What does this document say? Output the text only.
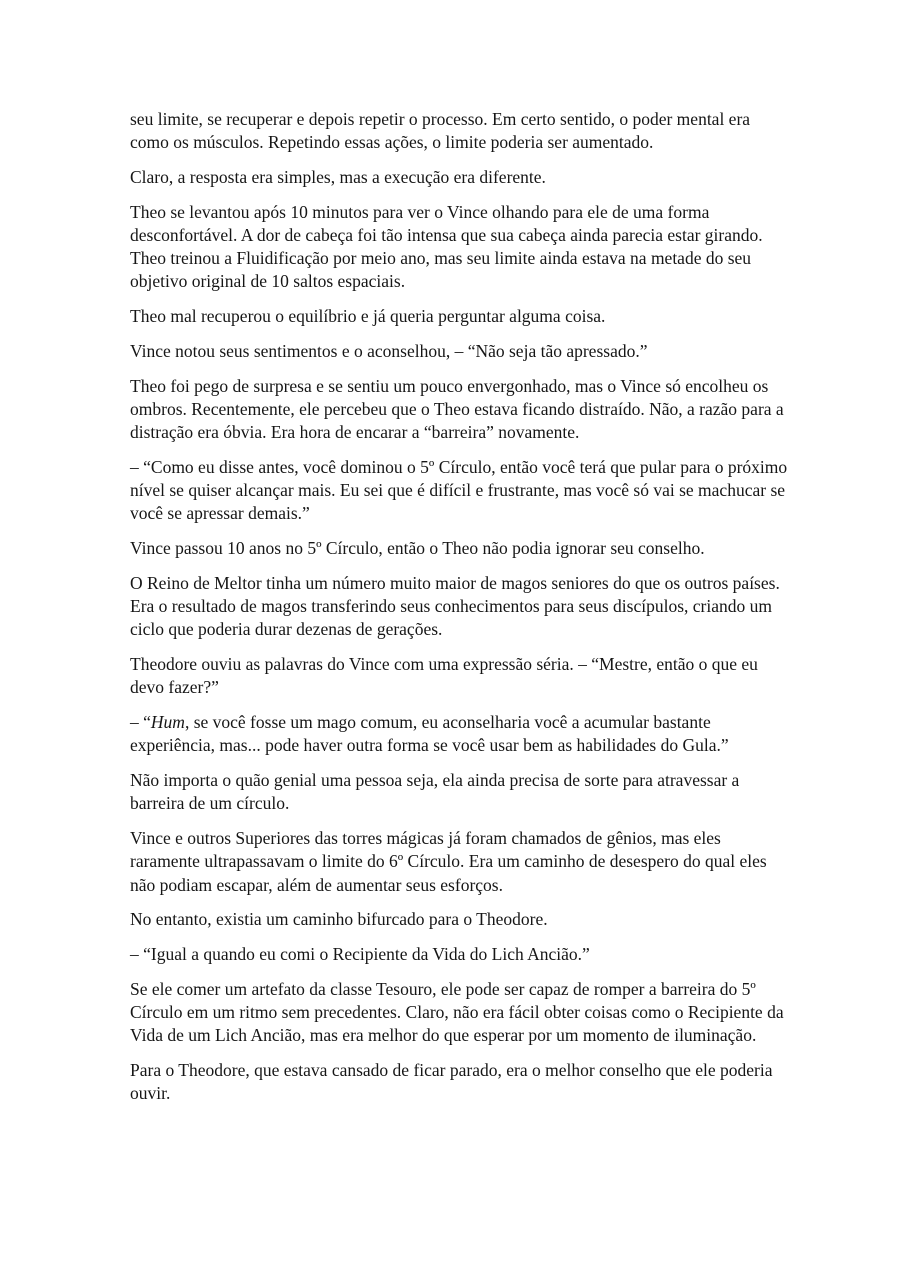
seu limite, se recuperar e depois repetir o processo. Em certo sentido, o poder mental era como os músculos. Repetindo essas ações, o limite poderia ser aumentado.

Claro, a resposta era simples, mas a execução era diferente.

Theo se levantou após 10 minutos para ver o Vince olhando para ele de uma forma desconfortável. A dor de cabeça foi tão intensa que sua cabeça ainda parecia estar girando. Theo treinou a Fluidificação por meio ano, mas seu limite ainda estava na metade do seu objetivo original de 10 saltos espaciais.

Theo mal recuperou o equilíbrio e já queria perguntar alguma coisa.

Vince notou seus sentimentos e o aconselhou, – “Não seja tão apressado.”

Theo foi pego de surpresa e se sentiu um pouco envergonhado, mas o Vince só encolheu os ombros. Recentemente, ele percebeu que o Theo estava ficando distraído. Não, a razão para a distração era óbvia. Era hora de encarar a “barreira” novamente.

– “Como eu disse antes, você dominou o 5º Círculo, então você terá que pular para o próximo nível se quiser alcançar mais. Eu sei que é difícil e frustrante, mas você só vai se machucar se você se apressar demais.”

Vince passou 10 anos no 5º Círculo, então o Theo não podia ignorar seu conselho.

O Reino de Meltor tinha um número muito maior de magos seniores do que os outros países. Era o resultado de magos transferindo seus conhecimentos para seus discípulos, criando um ciclo que poderia durar dezenas de gerações.

Theodore ouviu as palavras do Vince com uma expressão séria. – “Mestre, então o que eu devo fazer?”

– “Hum, se você fosse um mago comum, eu aconselharia você a acumular bastante experiência, mas... pode haver outra forma se você usar bem as habilidades do Gula.”

Não importa o quão genial uma pessoa seja, ela ainda precisa de sorte para atravessar a barreira de um círculo.

Vince e outros Superiores das torres mágicas já foram chamados de gênios, mas eles raramente ultrapassavam o limite do 6º Círculo. Era um caminho de desespero do qual eles não podiam escapar, além de aumentar seus esforços.

No entanto, existia um caminho bifurcado para o Theodore.

– “Igual a quando eu comi o Recipiente da Vida do Lich Ancião.”

Se ele comer um artefato da classe Tesouro, ele pode ser capaz de romper a barreira do 5º Círculo em um ritmo sem precedentes. Claro, não era fácil obter coisas como o Recipiente da Vida de um Lich Ancião, mas era melhor do que esperar por um momento de iluminação.

Para o Theodore, que estava cansado de ficar parado, era o melhor conselho que ele poderia ouvir.
